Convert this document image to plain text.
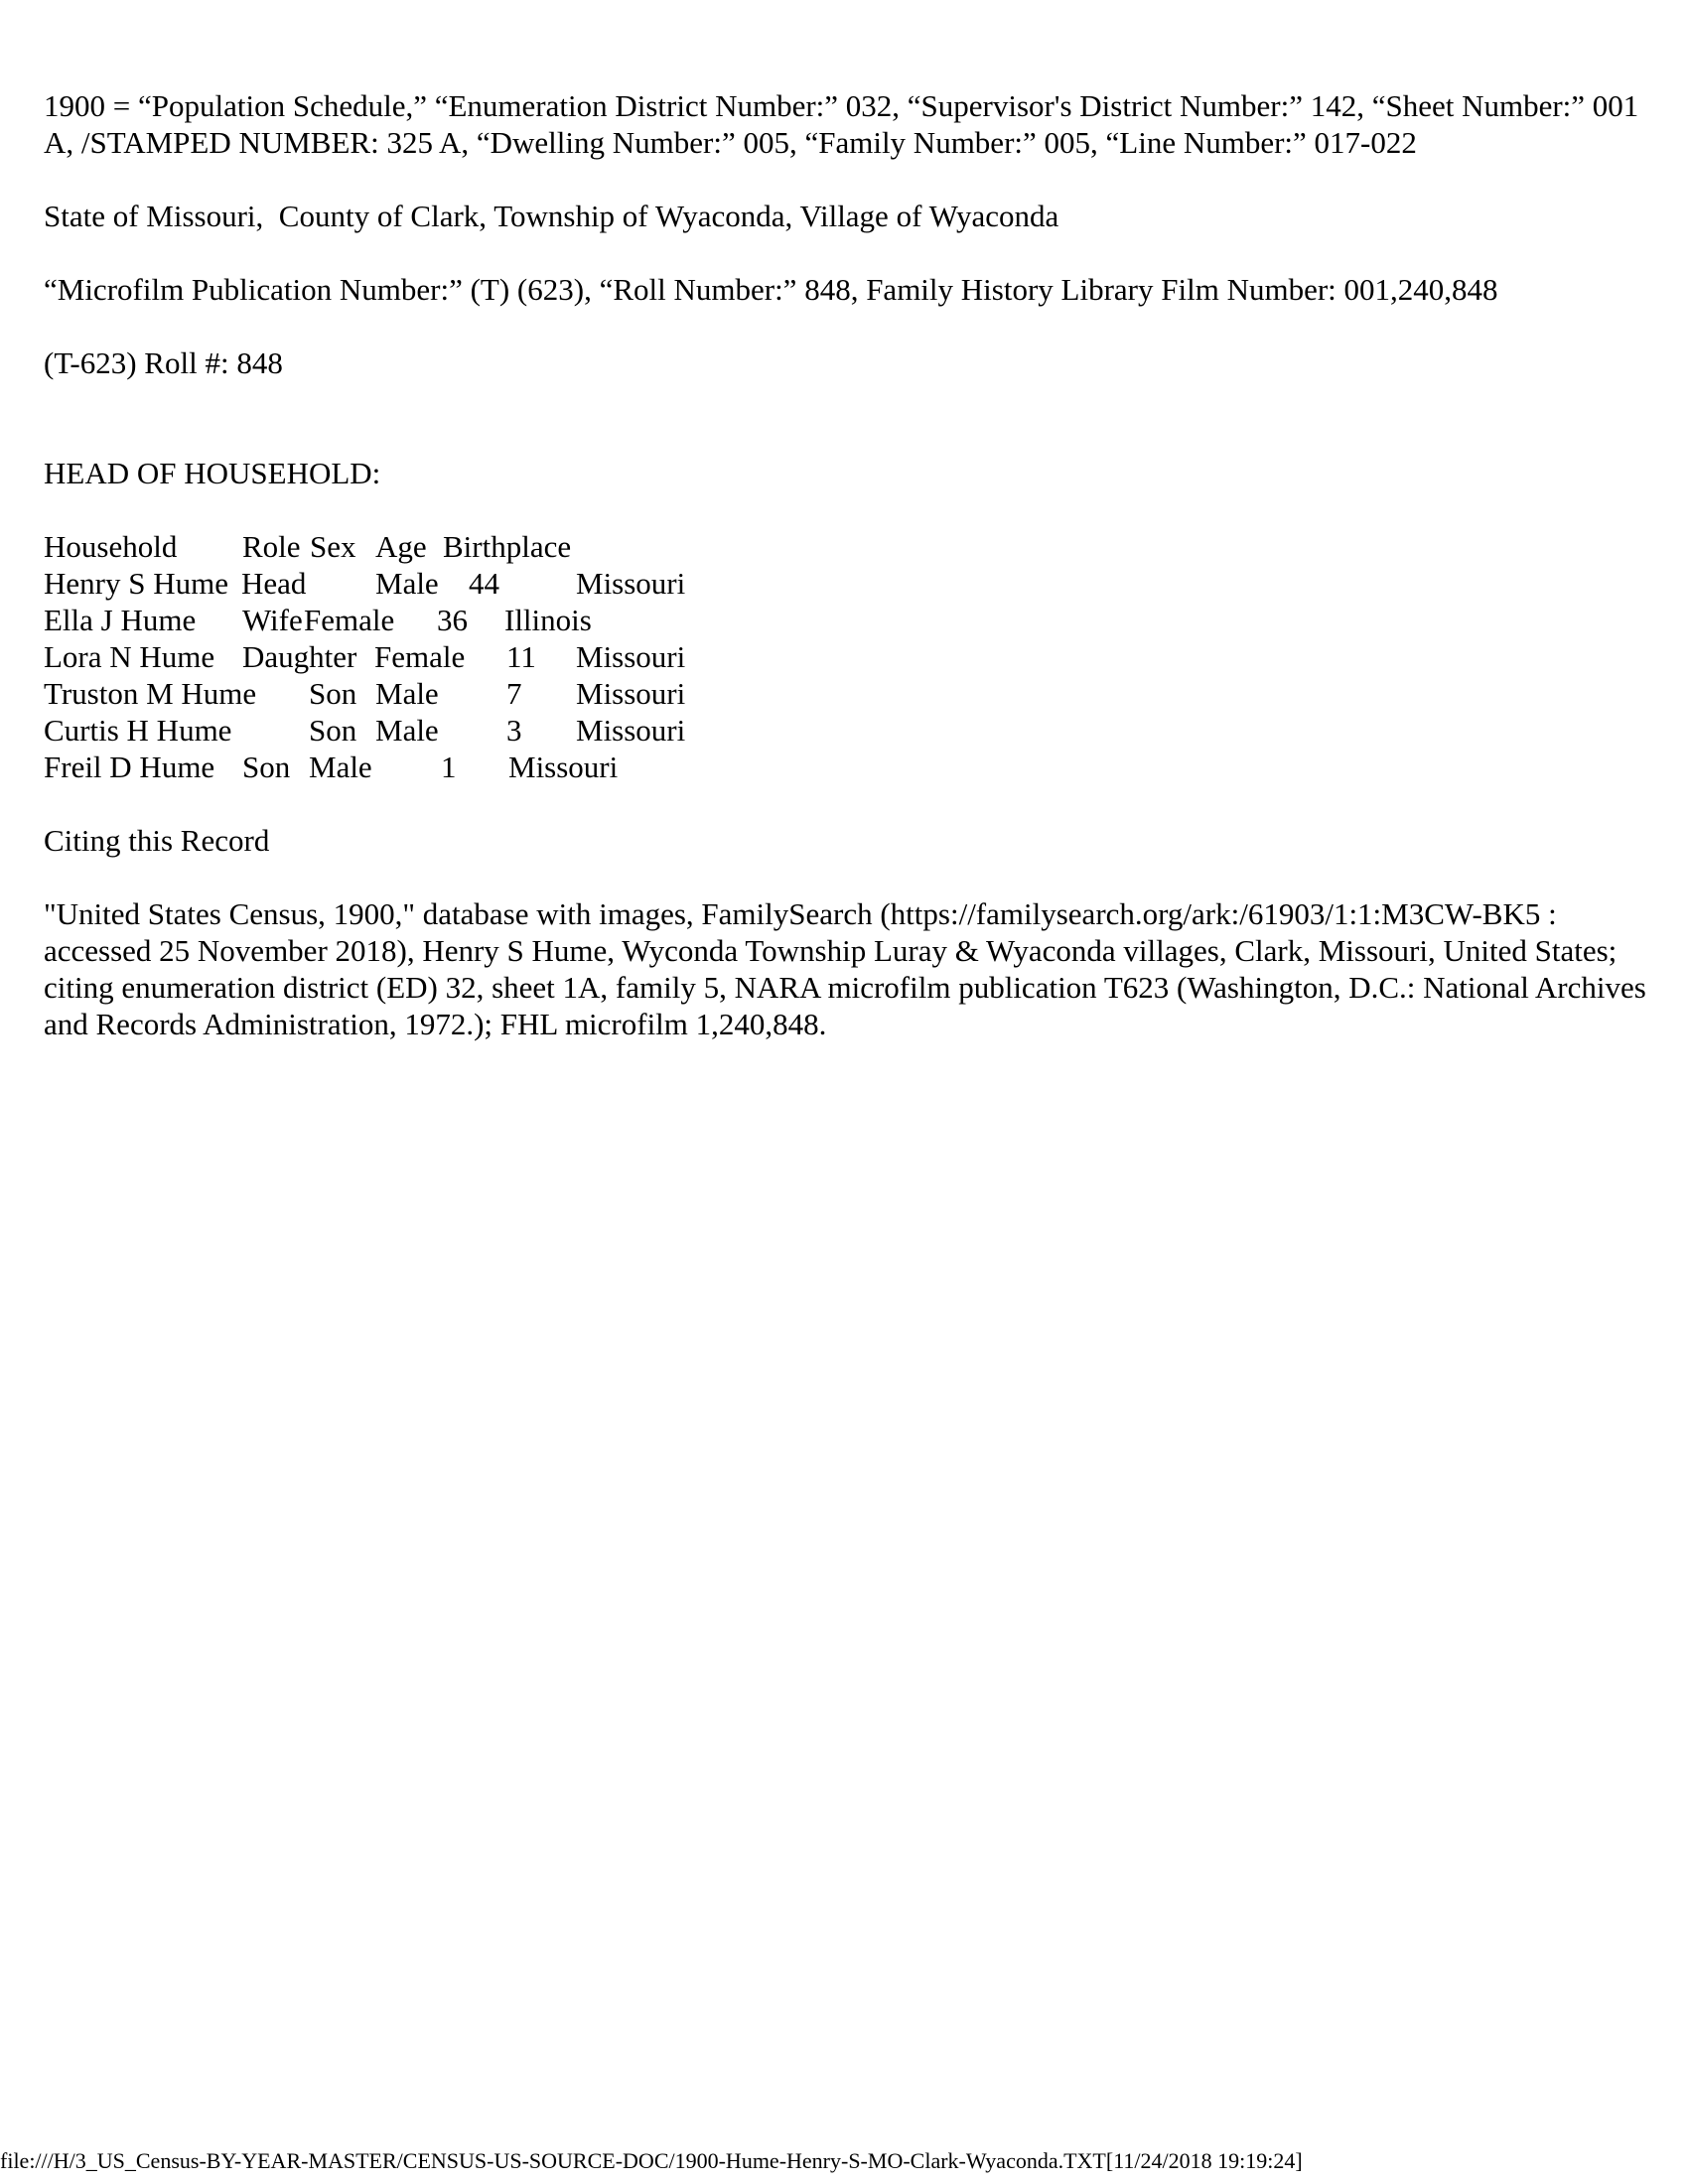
1900 = “Population Schedule,” “Enumeration District Number:” 032, “Supervisor's District Number:” 142, “Sheet Number:” 001  A, /STAMPED NUMBER: 325 A, “Dwelling Number:” 005, “Family Number:” 005, “Line Number:” 017-022

State of Missouri,  County of Clark, Township of Wyaconda, Village of Wyaconda

“Microfilm Publication Number:” (T) (623), “Roll Number:” 848, Family History Library Film Number: 001,240,848

(T-623) Roll #: 848

HEAD OF HOUSEHOLD:

Household

Role

Sex

Age

Birthplace

Henry S Hume

Head

Male

44

Missouri

Ella J Hume

Wife

Female

36

Illinois

Lora N Hume

Daughter

Female

11

Missouri

Truston M Hume

Son

Male

7

Missouri

Curtis H Hume

	Son

Male

3

Missouri

Freil D Hume

Son

Male

1

Missouri

Citing this Record

"United States Census, 1900," database with images, FamilySearch (https://familysearch.org/ark:/61903/1:1:M3CW-BK5 : accessed 25 November 2018), Henry S Hume, Wyconda Township Luray & Wyaconda villages, Clark, Missouri, United States; citing enumeration district (ED) 32, sheet 1A, family 5, NARA microfilm publication T623 (Washington, D.C.: National Archives and Records Administration, 1972.); FHL microfilm 1,240,848.

file:///H/3_US_Census-BY-YEAR-MASTER/CENSUS-US-SOURCE-DOC/1900-Hume-Henry-S-MO-Clark-Wyaconda.TXT[11/24/2018 19:19:24]
